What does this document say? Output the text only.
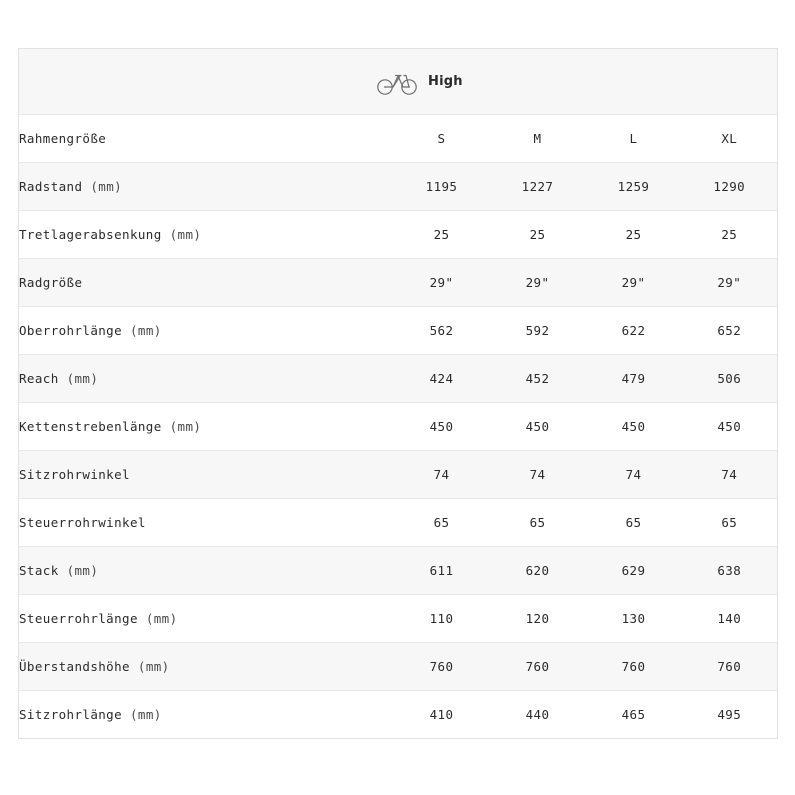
High				

Rahmengröße	S	M	L	XL
Radstand (mm)	1195	1227	1259	1290
Tretlagerabsenkung (mm)	25	25	25	25
Radgröße	29"	29"	29"	29"
Oberrohrlänge (mm)	562	592	622	652
Reach (mm)	424	452	479	506
Kettenstrebenlänge (mm)	450	450	450	450
Sitzrohrwinkel	74	74	74	74
Steuerrohrwinkel	65	65	65	65
Stack (mm)	611	620	629	638
Steuerrohrlänge (mm)	110	120	130	140
Überstandshöhe (mm)	760	760	760	760
Sitzrohrlänge (mm)	410	440	465	495
